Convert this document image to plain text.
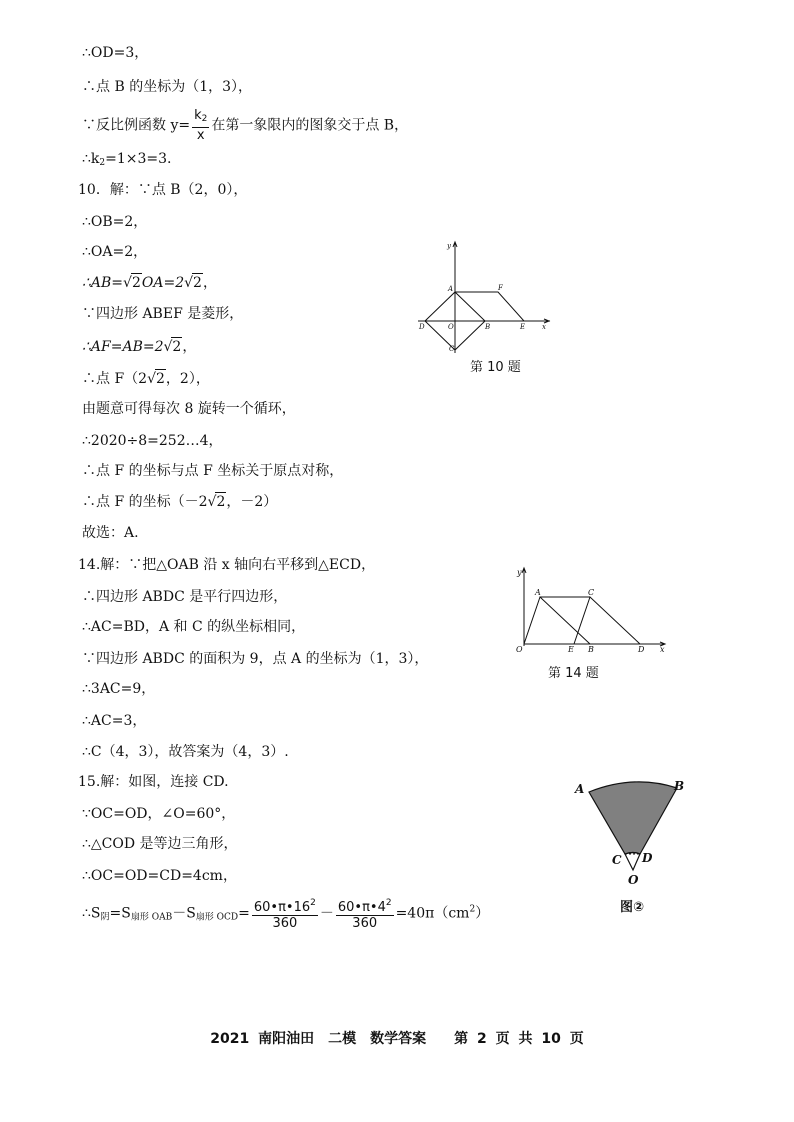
∴OD=3，
∴点 B 的坐标为（1，3），
∵反比例函数 $y= \frac{k_2}{x}$ 在第一象限内的图象交于点 B，
$\therefore k_2=1\times 3=3$.
10．解：∵点 B（2，0），
∴OB=2，
∴OA=2，
∴AB=√2OA=2√2，
∵四边形 ABEF 是菱形，
∴AF=AB=2√2，
∴点 F（2√2，2），
由题意可得每次 8 旋转一个循环，
∴2020÷8=252…4，
∴点 F 的坐标与点 F 坐标关于原点对称，
∴点 F 的坐标（－2√2，－2）
故选：A.
14.解：∵把△OAB 沿 x 轴向右平移到△ECD，
∴四边形 ABDC 是平行四边形，
∴AC=BD，A 和 C 的纵坐标相同，
∵四边形 ABDC 的面积为 9，点 A 的坐标为（1，3），
∴3AC=9，
∴AC=3，
∴C（4，3），故答案为（4，3）.
15.解：如图，连接 CD.
∵OC=OD，∠O=60°，
∴△COD 是等边三角形，
∴OC=OD=CD=4cm，
$\therefore S_阴=S_{扇形 OAB}-S_{扇形 OCD}= \frac{60•\pi•16^2}{360} - \frac{60•\pi•4^2}{360} =40\pi(cm^2)$
y
x
A	F
D	O	B	E
C
第 10 题
y
x
A	C
O	E B	D
第 14 题
A	B
C D
O
图②
2021 南阳油田　二模　数学答案　　第 2 页 共 10 页
